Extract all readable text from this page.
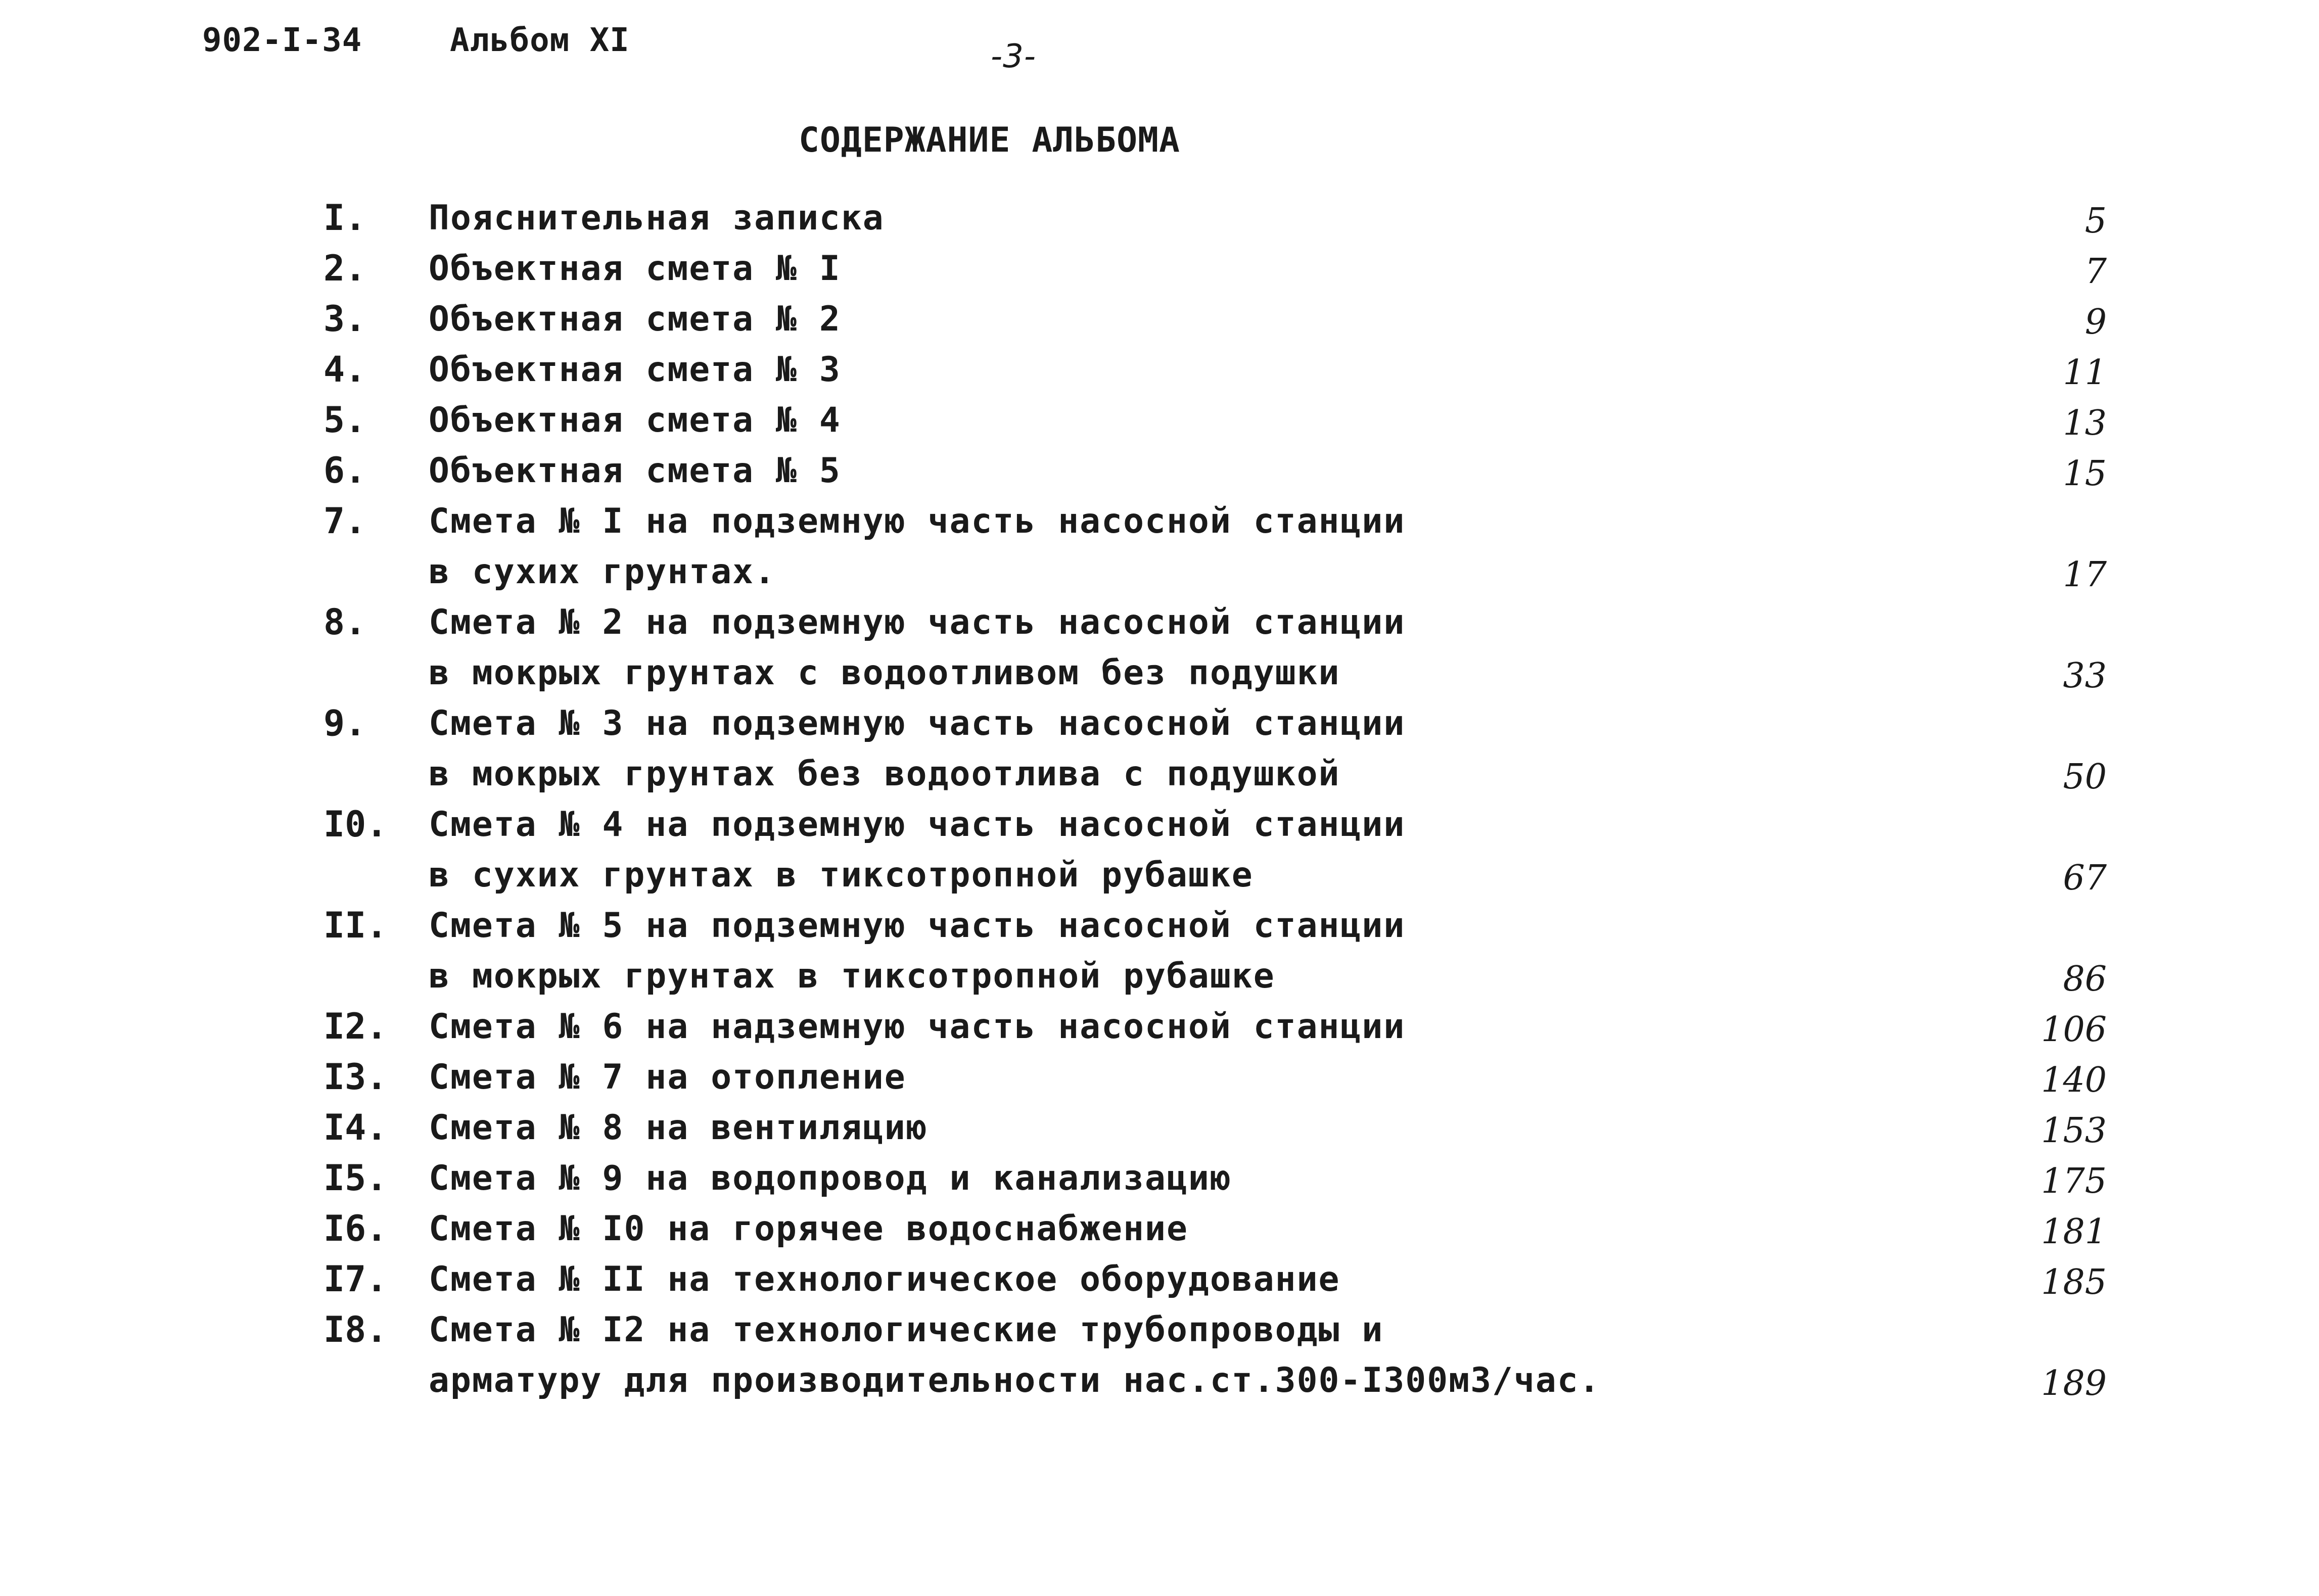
902-I-34	Альбом XI	-3-
СОДЕРЖАНИЕ АЛЬБОМА
I. Пояснительная записка	5
2. Объектная смета № I	7
3. Объектная смета № 2	9
4. Объектная смета № 3	11
5. Объектная смета № 4	13
6. Объектная смета № 5	15
7. Смета № I на подземную часть насосной станции
в сухих грунтах.	17
8. Смета № 2 на подземную часть насосной станции
в мокрых грунтах с водоотливом без подушки	33
9. Смета № 3 на подземную часть насосной станции
в мокрых грунтах без водоотлива с подушкой	50
I0. Смета № 4 на подземную часть насосной станции
в сухих грунтах в тиксотропной рубашке	67
II. Смета № 5 на подземную часть насосной станции
в мокрых грунтах в тиксотропной рубашке	86
I2. Смета № 6 на надземную часть насосной станции	106
I3. Смета № 7 на отопление	140
I4. Смета № 8 на вентиляцию	153
I5. Смета № 9 на водопровод и канализацию	175
I6. Смета № I0 на горячее водоснабжение	181
I7. Смета № II на технологическое оборудование	185
I8. Смета № I2 на технологические трубопроводы и
арматуру для производительности нас.ст.300-I300м3/час.	189
